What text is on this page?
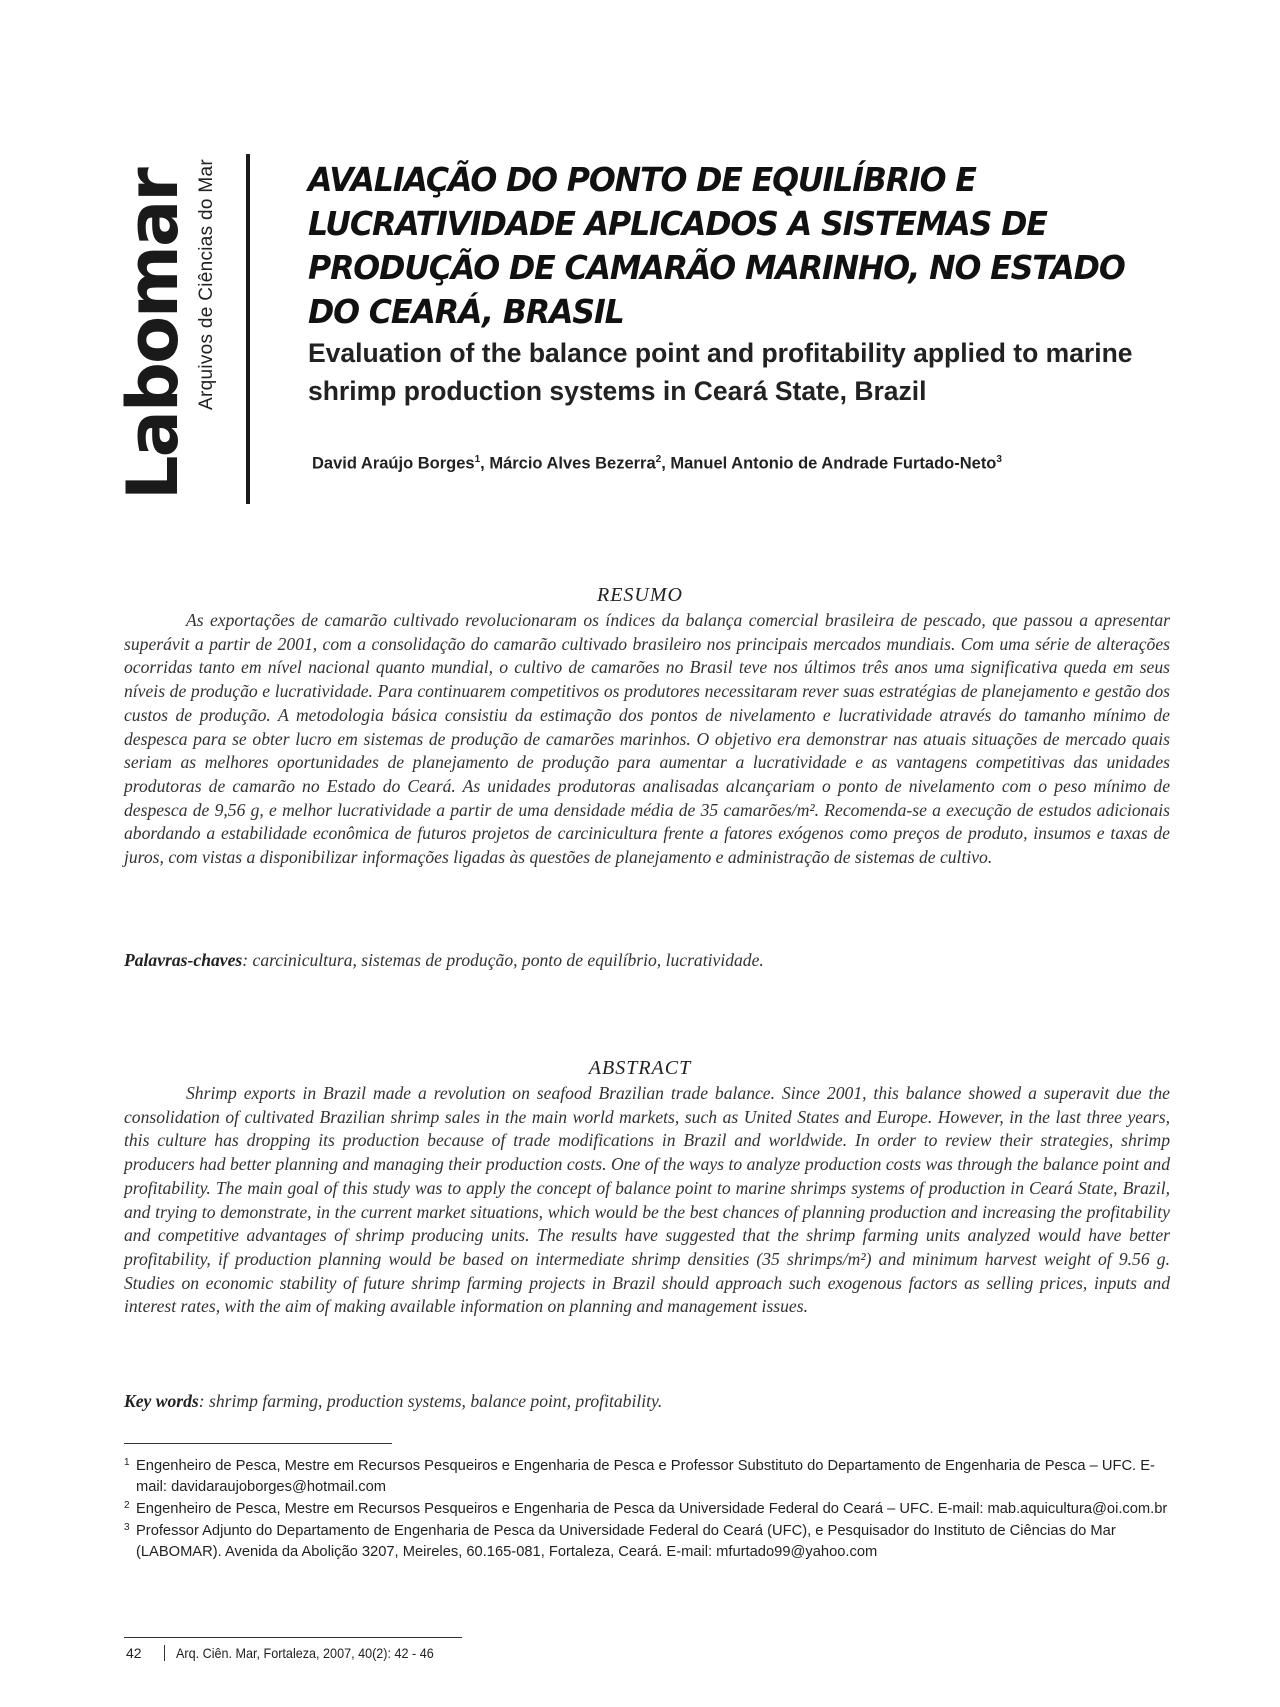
Labomar Arquivos de Ciências do Mar	AVALIAÇÃO DO PONTO DE EQUILÍBRIO E LUCRATIVIDADE APLICADOS A SISTEMAS DE PRODUÇÃO DE CAMARÃO MARINHO, NO ESTADO DO CEARÁ, BRASIL
Evaluation of the balance point and profitability applied to marine shrimp production systems in Ceará State, Brazil
David Araújo Borges$^1$, Márcio Alves Bezerra$^2$, Manuel Antonio de Andrade Furtado-Neto$^3$
RESUMO

As exportações de camarão cultivado revolucionaram os índices da balança comercial brasileira de pescado, que passou a apresentar superávit a partir de 2001, com a consolidação do camarão cultivado brasileiro nos principais mercados mundiais. Com uma série de alterações ocorridas tanto em nível nacional quanto mundial, o cultivo de camarões no Brasil teve nos últimos três anos uma significativa queda em seus níveis de produção e lucratividade. Para continuarem competitivos os produtores necessitaram rever suas estratégias de planejamento e gestão dos custos de produção. A metodologia básica consistiu da estimação dos pontos de nivelamento e lucratividade através do tamanho mínimo de despesca para se obter lucro em sistemas de produção de camarões marinhos. O objetivo era demonstrar nas atuais situações de mercado quais seriam as melhores oportunidades de planejamento de produção para aumentar a lucratividade e as vantagens competitivas das unidades produtoras de camarão no Estado do Ceará. As unidades produtoras analisadas alcançariam o ponto de nivelamento com o peso mínimo de despesca de 9,56 g, e melhor lucratividade a partir de uma densidade média de 35 camarões/m². Recomenda-se a execução de estudos adicionais abordando a estabilidade econômica de futuros projetos de carcinicultura frente a fatores exógenos como preços de produto, insumos e taxas de juros, com vistas a disponibilizar informações ligadas às questões de planejamento e administração de sistemas de cultivo.

Palavras-chaves: carcinicultura, sistemas de produção, ponto de equilíbrio, lucratividade.
ABSTRACT

Shrimp exports in Brazil made a revolution on seafood Brazilian trade balance. Since 2001, this balance showed a superavit due the consolidation of cultivated Brazilian shrimp sales in the main world markets, such as United States and Europe. However, in the last three years, this culture has dropping its production because of trade modifications in Brazil and worldwide. In order to review their strategies, shrimp producers had better planning and managing their production costs. One of the ways to analyze production costs was through the balance point and profitability. The main goal of this study was to apply the concept of balance point to marine shrimps systems of production in Ceará State, Brazil, and trying to demonstrate, in the current market situations, which would be the best chances of planning production and increasing the profitability and competitive advantages of shrimp producing units. The results have suggested that the shrimp farming units analyzed would have better profitability, if production planning would be based on intermediate shrimp densities (35 shrimps/m²) and minimum harvest weight of 9.56 g. Studies on economic stability of future shrimp farming projects in Brazil should approach such exogenous factors as selling prices, inputs and interest rates, with the aim of making available information on planning and management issues.

Key words: shrimp farming, production systems, balance point, profitability.
1 Engenheiro de Pesca, Mestre em Recursos Pesqueiros e Engenharia de Pesca e Professor Substituto do Departamento de Engenharia de Pesca – UFC. E-mail: davidaraujoborges@hotmail.com
2 Engenheiro de Pesca, Mestre em Recursos Pesqueiros e Engenharia de Pesca da Universidade Federal do Ceará – UFC. E-mail: mab.aquicultura@oi.com.br
3 Professor Adjunto do Departamento de Engenharia de Pesca da Universidade Federal do Ceará (UFC), e Pesquisador do Instituto de Ciências do Mar (LABOMAR). Avenida da Abolição 3207, Meireles, 60.165-081, Fortaleza, Ceará. E-mail: mfurtado99@yahoo.com
42 Arq. Ciên. Mar, Fortaleza, 2007, 40(2): 42 - 46
